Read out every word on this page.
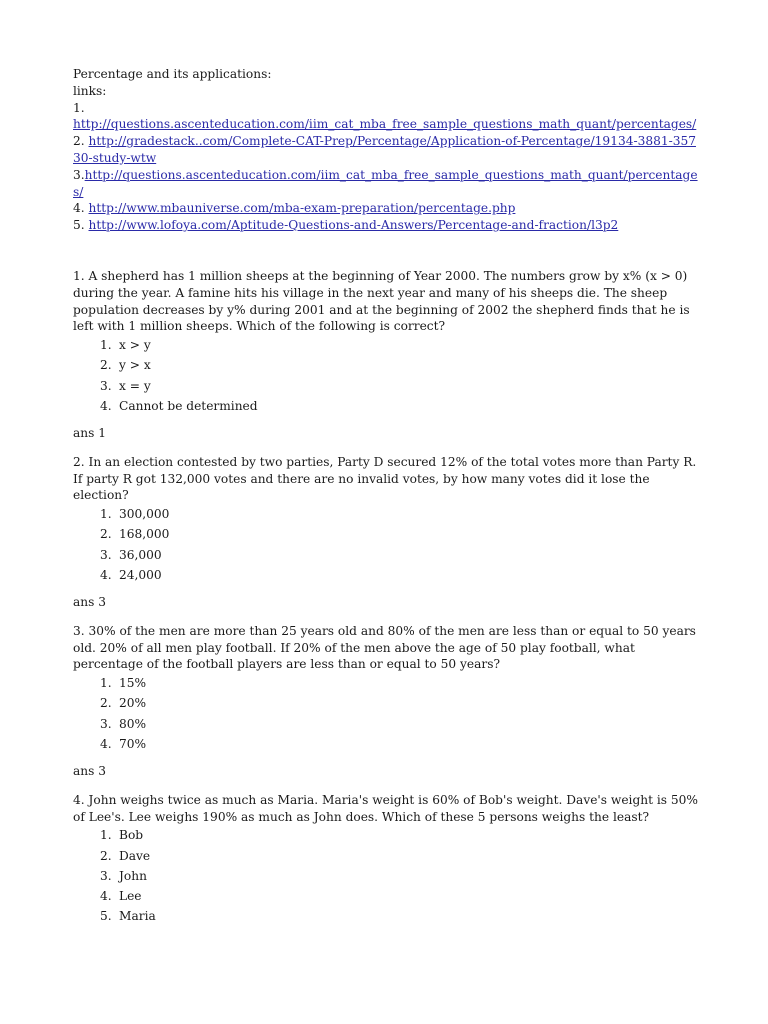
Percentage and its applications:
links:
1.
http://questions.ascenteducation.com/iim_cat_mba_free_sample_questions_math_quant/percentages/
2. http://gradestack..com/Complete-CAT-Prep/Percentage/Application-of-Percentage/19134-3881-35730-study-wtw
3.http://questions.ascenteducation.com/iim_cat_mba_free_sample_questions_math_quant/percentages/
4. http://www.mbauniverse.com/mba-exam-preparation/percentage.php
5. http://www.lofoya.com/Aptitude-Questions-and-Answers/Percentage-and-fraction/l3p2
1. A shepherd has 1 million sheeps at the beginning of Year 2000. The numbers grow by x% (x > 0) during the year. A famine hits his village in the next year and many of his sheeps die. The sheep population decreases by y% during 2001 and at the beginning of 2002 the shepherd finds that he is left with 1 million sheeps. Which of the following is correct?
1. x > y
2. y > x
3. x = y
4. Cannot be determined
ans 1
2. In an election contested by two parties, Party D secured 12% of the total votes more than Party R. If party R got 132,000 votes and there are no invalid votes, by how many votes did it lose the election?
1. 300,000
2. 168,000
3. 36,000
4. 24,000
ans 3
3. 30% of the men are more than 25 years old and 80% of the men are less than or equal to 50 years old. 20% of all men play football. If 20% of the men above the age of 50 play football, what percentage of the football players are less than or equal to 50 years?
1. 15%
2. 20%
3. 80%
4. 70%
ans 3
4. John weighs twice as much as Maria. Maria's weight is 60% of Bob's weight. Dave's weight is 50% of Lee's. Lee weighs 190% as much as John does. Which of these 5 persons weighs the least?
1. Bob
2. Dave
3. John
4. Lee
5. Maria
